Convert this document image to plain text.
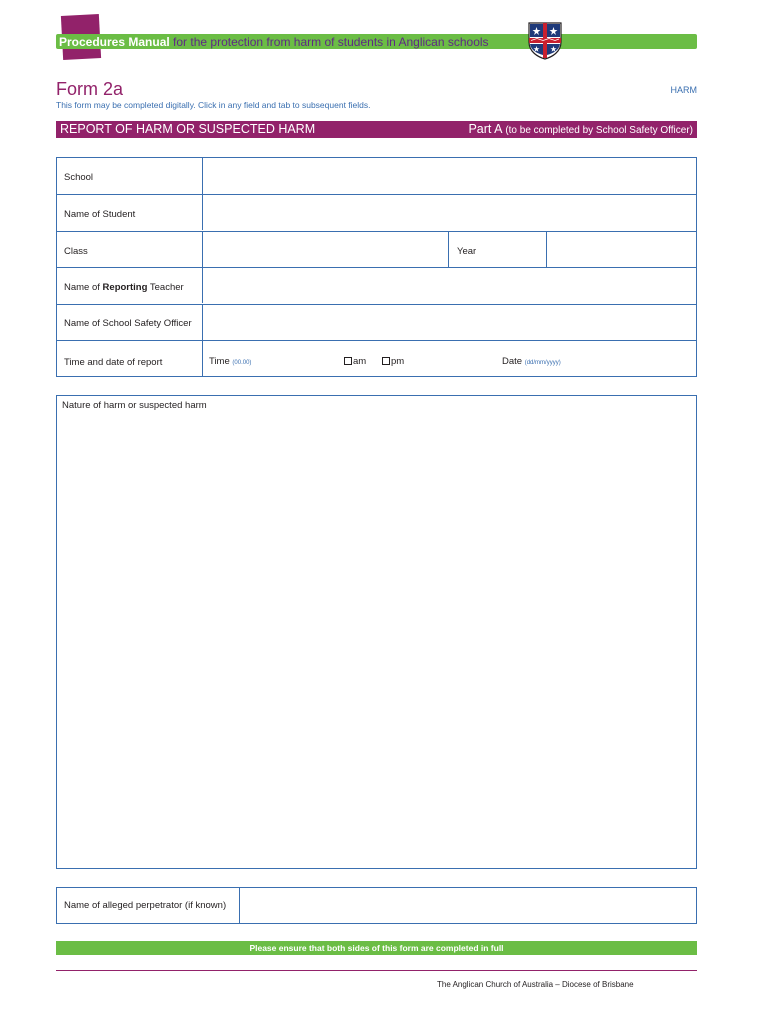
Procedures Manual for the protection from harm of students in Anglican schools
Form 2a	HARM
This form may be completed digitally. Click in any field and tab to subsequent fields.
REPORT OF HARM OR SUSPECTED HARM	Part A (to be completed by School Safety Officer)
School
Name of Student
Class	Year
Name of Reporting Teacher
Name of School Safety Officer
Time and date of report	Time (00.00)	am	pm	Date (dd/mm/yyyy)
Nature of harm or suspected harm
Name of alleged perpetrator (if known)
Please ensure that both sides of this form are completed in full
The Anglican Church of Australia – Diocese of Brisbane
